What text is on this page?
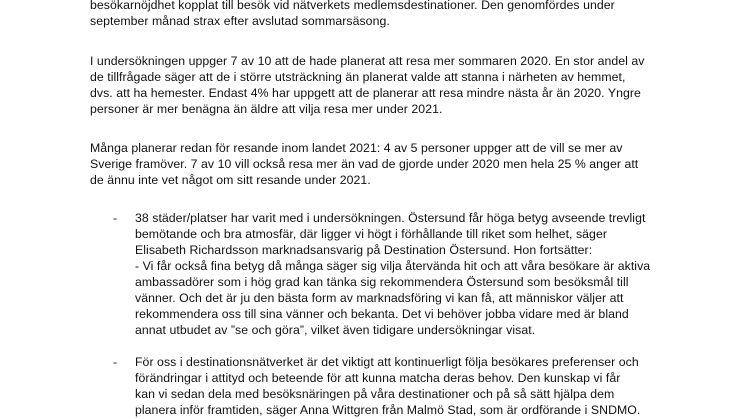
besökarnöjdhet kopplat till besök vid nätverkets medlemsdestinationer. Den genomfördes under
september månad strax efter avslutad sommarsäsong.
I undersökningen uppger 7 av 10 att de hade planerat att resa mer sommaren 2020. En stor andel av
de tillfrågade säger att de i större utsträckning än planerat valde att stanna i närheten av hemmet,
dvs. att ha hemester. Endast 4% har uppgett att de planerar att resa mindre nästa år än 2020. Yngre
personer är mer benägna än äldre att vilja resa mer under 2021.
Många planerar redan för resande inom landet 2021: 4 av 5 personer uppger att de vill se mer av
Sverige framöver. 7 av 10 vill också resa mer än vad de gjorde under 2020 men hela 25 % anger att
de ännu inte vet något om sitt resande under 2021.
- 38 städer/platser har varit med i undersökningen. Östersund får höga betyg avseende trevligt
bemötande och bra atmosfär, där ligger vi högt i förhållande till riket som helhet, säger
Elisabeth Richardsson marknadsansvarig på Destination Östersund. Hon fortsätter:
- Vi får också fina betyg då många säger sig vilja återvända hit och att våra besökare är aktiva
ambassadörer som i hög grad kan tänka sig rekommendera Östersund som besöksmål till
vänner. Och det är ju den bästa form av marknadsföring vi kan få, att människor väljer att
rekommendera oss till sina vänner och bekanta. Det vi behöver jobba vidare med är bland
annat utbudet av ”se och göra”, vilket även tidigare undersökningar visat.
- För oss i destinationsnätverket är det viktigt att kontinuerligt följa besökares preferenser och
förändringar i attityd och beteende för att kunna matcha deras behov. Den kunskap vi får
kan vi sedan dela med besöksnäringen på våra destinationer och på så sätt hjälpa dem
planera inför framtiden, säger Anna Wittgren från Malmö Stad, som är ordförande i SNDMO.
